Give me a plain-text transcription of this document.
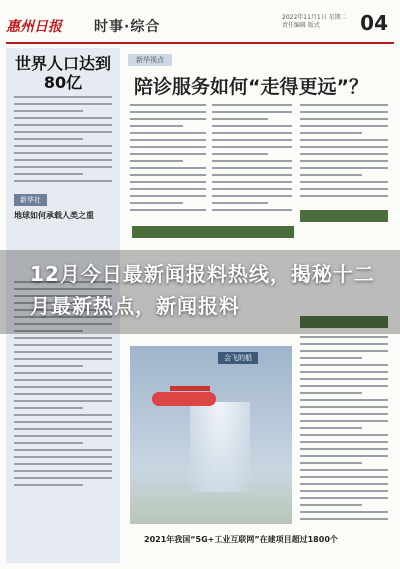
惠州日报 时事·综合
2022年11月1日 星期二
责任编辑 版式	04
世界人口达到80亿
新华社
地球如何承载人类之重
新华视点
陪诊服务如何“走得更远”？
会飞的船
2021年我国“5G+工业互联网”在建项目超过1800个
12月今日最新闻报料热线，揭秘十二月最新热点，新闻报料
